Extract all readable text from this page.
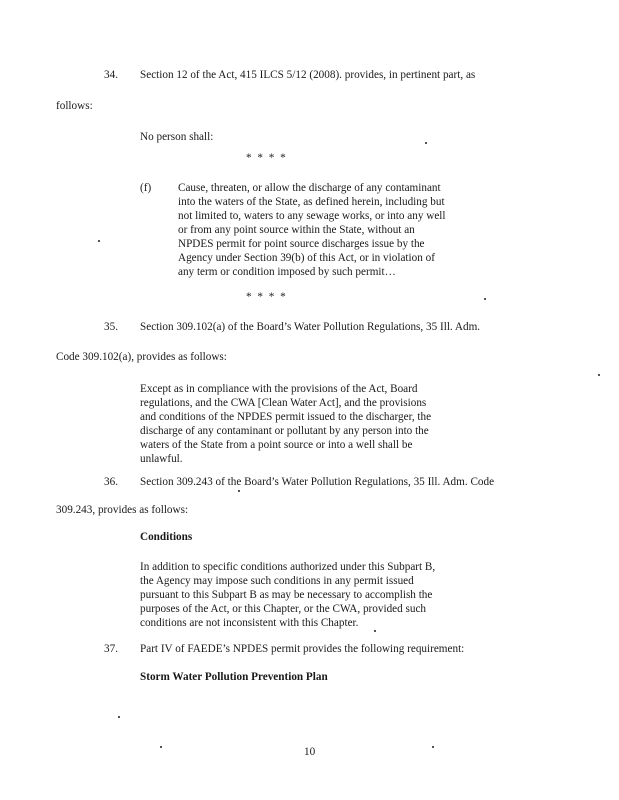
34. Section 12 of the Act, 415 ILCS 5/12 (2008). provides, in pertinent part, as
follows:
No person shall:
* * * *
(f) Cause, threaten, or allow the discharge of any contaminant
into the waters of the State, as defined herein, including but
not limited to, waters to any sewage works, or into any well
or from any point source within the State, without an
NPDES permit for point source discharges issue by the
Agency under Section 39(b) of this Act, or in violation of
any term or condition imposed by such permit…
* * * *
35. Section 309.102(a) of the Board’s Water Pollution Regulations, 35 Ill. Adm.
Code 309.102(a), provides as follows:
Except as in compliance with the provisions of the Act, Board
regulations, and the CWA [Clean Water Act], and the provisions
and conditions of the NPDES permit issued to the discharger, the
discharge of any contaminant or pollutant by any person into the
waters of the State from a point source or into a well shall be
unlawful.
36. Section 309.243 of the Board’s Water Pollution Regulations, 35 Ill. Adm. Code
309.243, provides as follows:
Conditions
In addition to specific conditions authorized under this Subpart B,
the Agency may impose such conditions in any permit issued
pursuant to this Subpart B as may be necessary to accomplish the
purposes of the Act, or this Chapter, or the CWA, provided such
conditions are not inconsistent with this Chapter.
37. Part IV of FAEDE’s NPDES permit provides the following requirement:
Storm Water Pollution Prevention Plan
10
